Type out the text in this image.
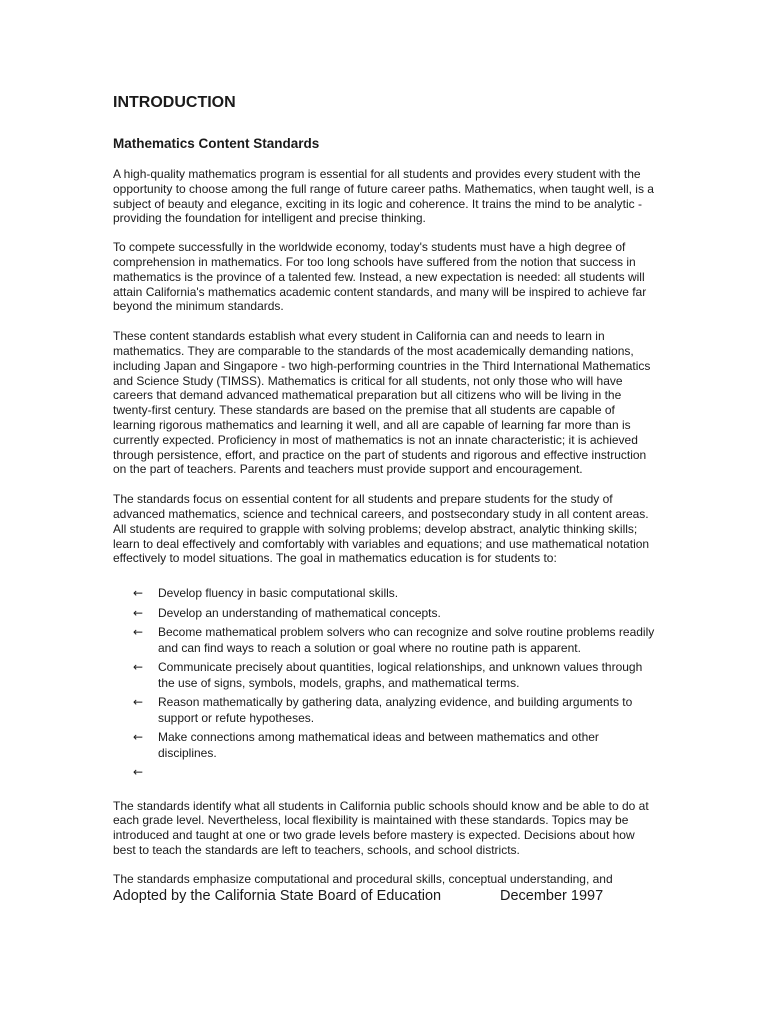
INTRODUCTION
Mathematics Content Standards

A high-quality mathematics program is essential for all students and provides every student with the opportunity to choose among the full range of future career paths. Mathematics, when taught well, is a subject of beauty and elegance, exciting in its logic and coherence. It trains the mind to be analytic - providing the foundation for intelligent and precise thinking.

To compete successfully in the worldwide economy, today's students must have a high degree of comprehension in mathematics. For too long schools have suffered from the notion that success in mathematics is the province of a talented few. Instead, a new expectation is needed: all students will attain California's mathematics academic content standards, and many will be inspired to achieve far beyond the minimum standards.

These content standards establish what every student in California can and needs to learn in mathematics. They are comparable to the standards of the most academically demanding nations, including Japan and Singapore - two high-performing countries in the Third International Mathematics and Science Study (TIMSS). Mathematics is critical for all students, not only those who will have careers that demand advanced mathematical preparation but all citizens who will be living in the twenty-first century. These standards are based on the premise that all students are capable of learning rigorous mathematics and learning it well, and all are capable of learning far more than is currently expected. Proficiency in most of mathematics is not an innate characteristic; it is achieved through persistence, effort, and practice on the part of students and rigorous and effective instruction on the part of teachers. Parents and teachers must provide support and encouragement.

The standards focus on essential content for all students and prepare students for the study of advanced mathematics, science and technical careers, and postsecondary study in all content areas. All students are required to grapple with solving problems; develop abstract, analytic thinking skills; learn to deal effectively and comfortably with variables and equations; and use mathematical notation effectively to model situations. The goal in mathematics education is for students to:

← Develop fluency in basic computational skills.
← Develop an understanding of mathematical concepts.
← Become mathematical problem solvers who can recognize and solve routine problems readily and can find ways to reach a solution or goal where no routine path is apparent.
← Communicate precisely about quantities, logical relationships, and unknown values through the use of signs, symbols, models, graphs, and mathematical terms.
← Reason mathematically by gathering data, analyzing evidence, and building arguments to support or refute hypotheses.
← Make connections among mathematical ideas and between mathematics and other disciplines.
←

The standards identify what all students in California public schools should know and be able to do at each grade level. Nevertheless, local flexibility is maintained with these standards. Topics may be introduced and taught at one or two grade levels before mastery is expected. Decisions about how best to teach the standards are left to teachers, schools, and school districts.

The standards emphasize computational and procedural skills, conceptual understanding, and

Adopted by the California State Board of Education	December 1997
